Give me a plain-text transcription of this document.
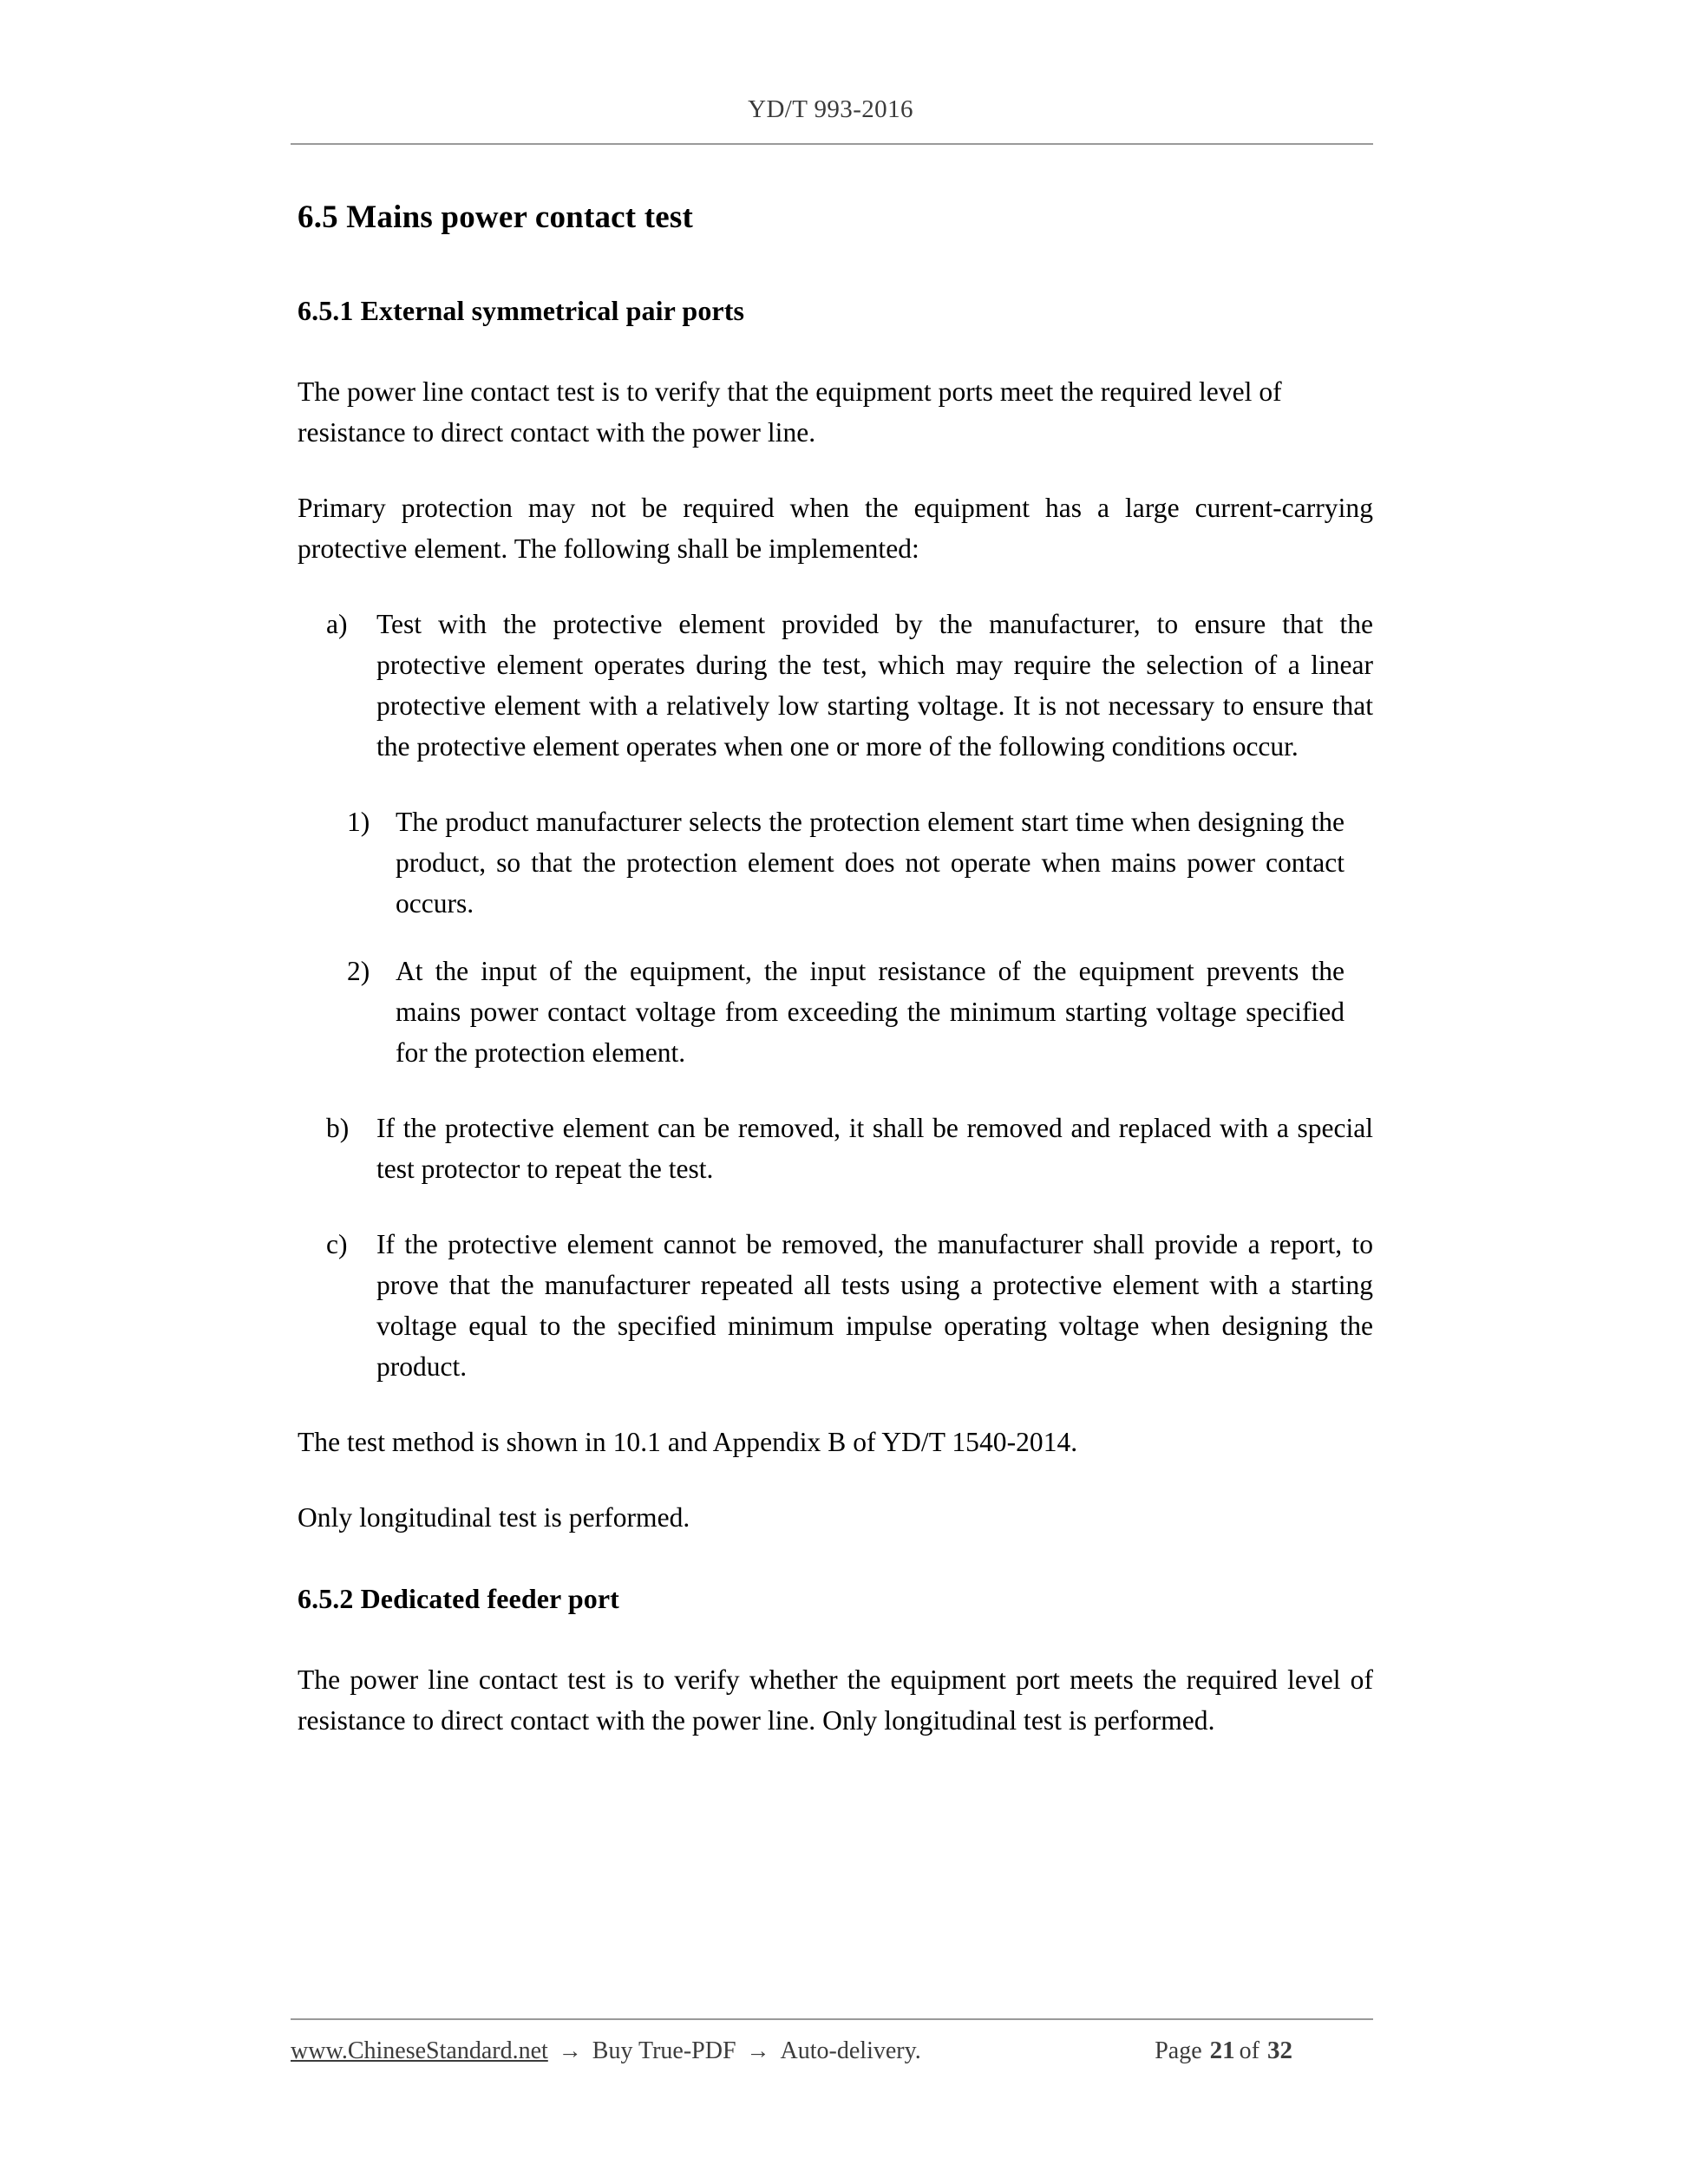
YD/T 993-2016
6.5 Mains power contact test
6.5.1 External symmetrical pair ports

The power line contact test is to verify that the equipment ports meet the required level of resistance to direct contact with the power line.

Primary protection may not be required when the equipment has a large current-carrying protective element. The following shall be implemented:

a)	Test with the protective element provided by the manufacturer, to ensure that the protective element operates during the test, which may require the selection of a linear protective element with a relatively low starting voltage. It is not necessary to ensure that the protective element operates when one or more of the following conditions occur.
1) The product manufacturer selects the protection element start time when designing the product, so that the protection element does not operate when mains power contact occurs.
2) At the input of the equipment, the input resistance of the equipment prevents the mains power contact voltage from exceeding the minimum starting voltage specified for the protection element.
b)	If the protective element can be removed, it shall be removed and replaced with a special test protector to repeat the test.
c)	If the protective element cannot be removed, the manufacturer shall provide a report, to prove that the manufacturer repeated all tests using a protective element with a starting voltage equal to the specified minimum impulse operating voltage when designing the product.

The test method is shown in 10.1 and Appendix B of YD/T 1540-2014.

Only longitudinal test is performed.

6.5.2 Dedicated feeder port

The power line contact test is to verify whether the equipment port meets the required level of resistance to direct contact with the power line. Only longitudinal test is performed.

www.ChineseStandard.net → Buy True-PDF → Auto-delivery.	Page 21 of 32
